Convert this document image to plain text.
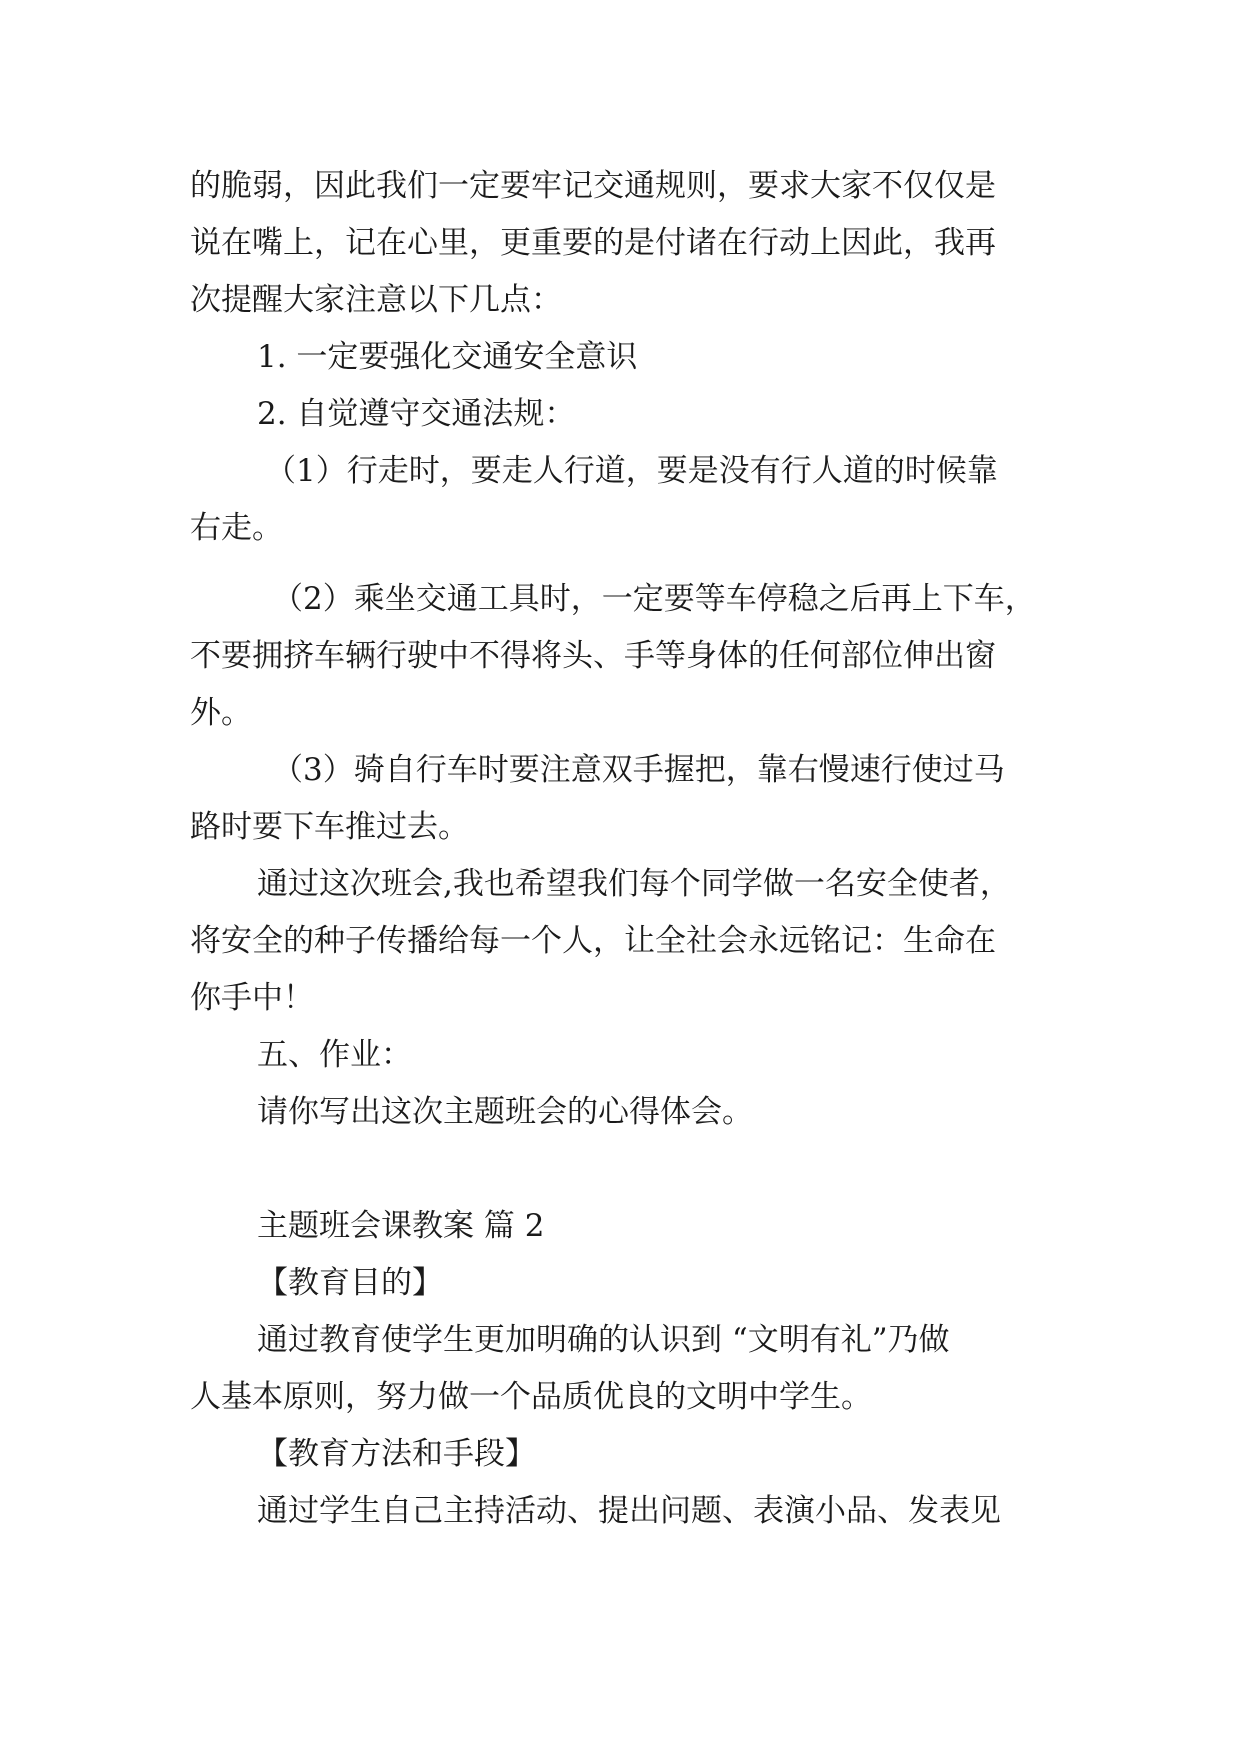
的脆弱，因此我们一定要牢记交通规则，要求大家不仅仅是
说在嘴上，记在心里，更重要的是付诸在行动上因此，我再
次提醒大家注意以下几点：
1. 一定要强化交通安全意识
2. 自觉遵守交通法规：
（1）行走时，要走人行道，要是没有行人道的时候靠
右走。
（2）乘坐交通工具时，一定要等车停稳之后再上下车，
不要拥挤车辆行驶中不得将头、手等身体的任何部位伸出窗
外。
（3）骑自行车时要注意双手握把，靠右慢速行使过马
路时要下车推过去。
通过这次班会,我也希望我们每个同学做一名安全使者，
将安全的种子传播给每一个人，让全社会永远铭记：生命在
你手中！
五、作业：
请你写出这次主题班会的心得体会。
主题班会课教案 篇 2
【教育目的】
通过教育使学生更加明确的认识到 “文明有礼”乃做
人基本原则，努力做一个品质优良的文明中学生。
【教育方法和手段】
通过学生自己主持活动、提出问题、表演小品、发表见
